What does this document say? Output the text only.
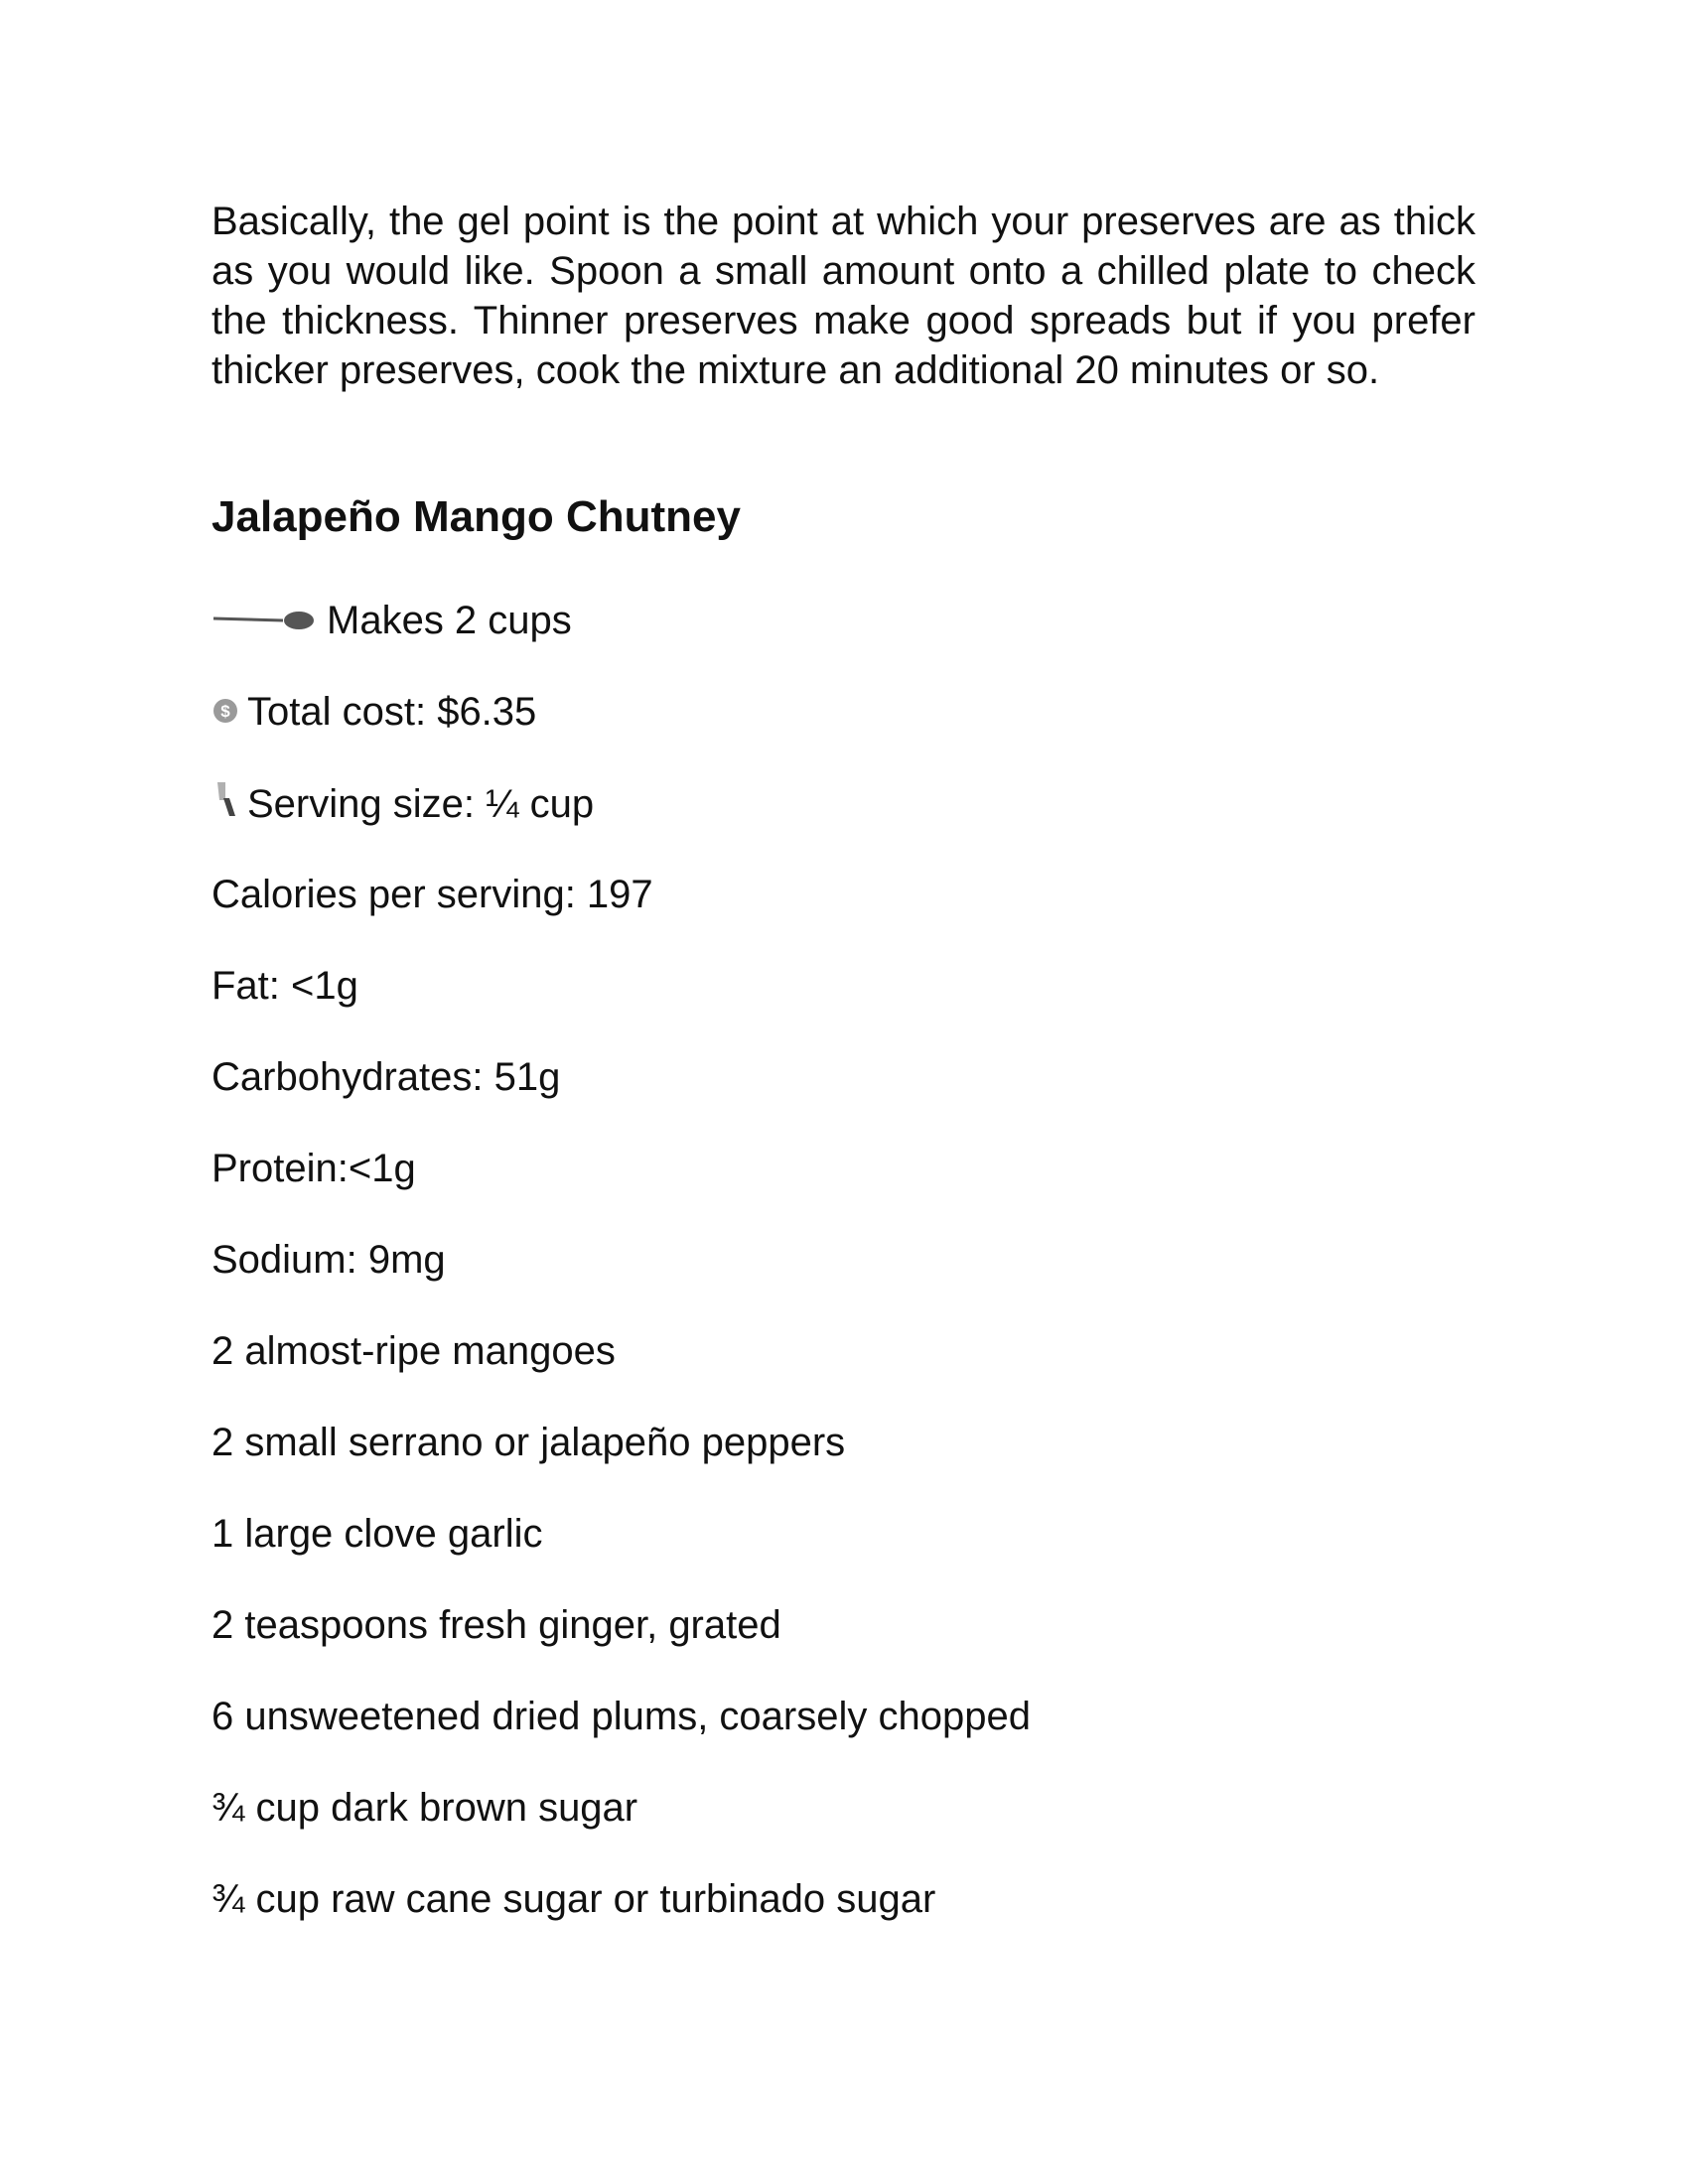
Basically, the gel point is the point at which your preserves are as thick as you would like. Spoon a small amount onto a chilled plate to check the thickness. Thinner preserves make good spreads but if you prefer thicker preserves, cook the mixture an additional 20 minutes or so.

Jalapeño Mango Chutney
Makes 2 cups
$ Total cost: $6.35
Serving size: ¼ cup
Calories per serving: 197
Fat: <1g
Carbohydrates: 51g
Protein:<1g
Sodium: 9mg
2 almost-ripe mangoes
2 small serrano or jalapeño peppers
1 large clove garlic
2 teaspoons fresh ginger, grated
6 unsweetened dried plums, coarsely chopped
¾ cup dark brown sugar
¾ cup raw cane sugar or turbinado sugar
